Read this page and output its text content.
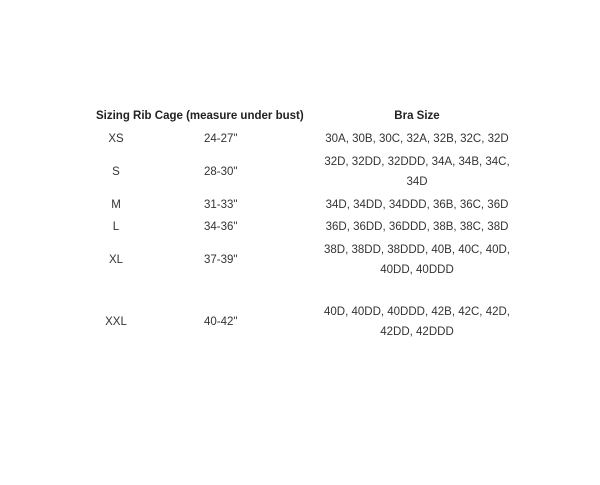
Sizing Rib Cage (measure under bust)		Bra Size
XS	24-27"	30A, 30B, 30C, 32A, 32B, 32C, 32D
S	28-30"	32D, 32DD, 32DDD, 34A, 34B, 34C, 34D
M	31-33"	34D, 34DD, 34DDD, 36B, 36C, 36D
L	34-36"	36D, 36DD, 36DDD, 38B, 38C, 38D
XL	37-39"	38D, 38DD, 38DDD, 40B, 40C, 40D, 40DD, 40DDD

XXL	40-42"	40D, 40DD, 40DDD, 42B, 42C, 42D, 42DD, 42DDD
